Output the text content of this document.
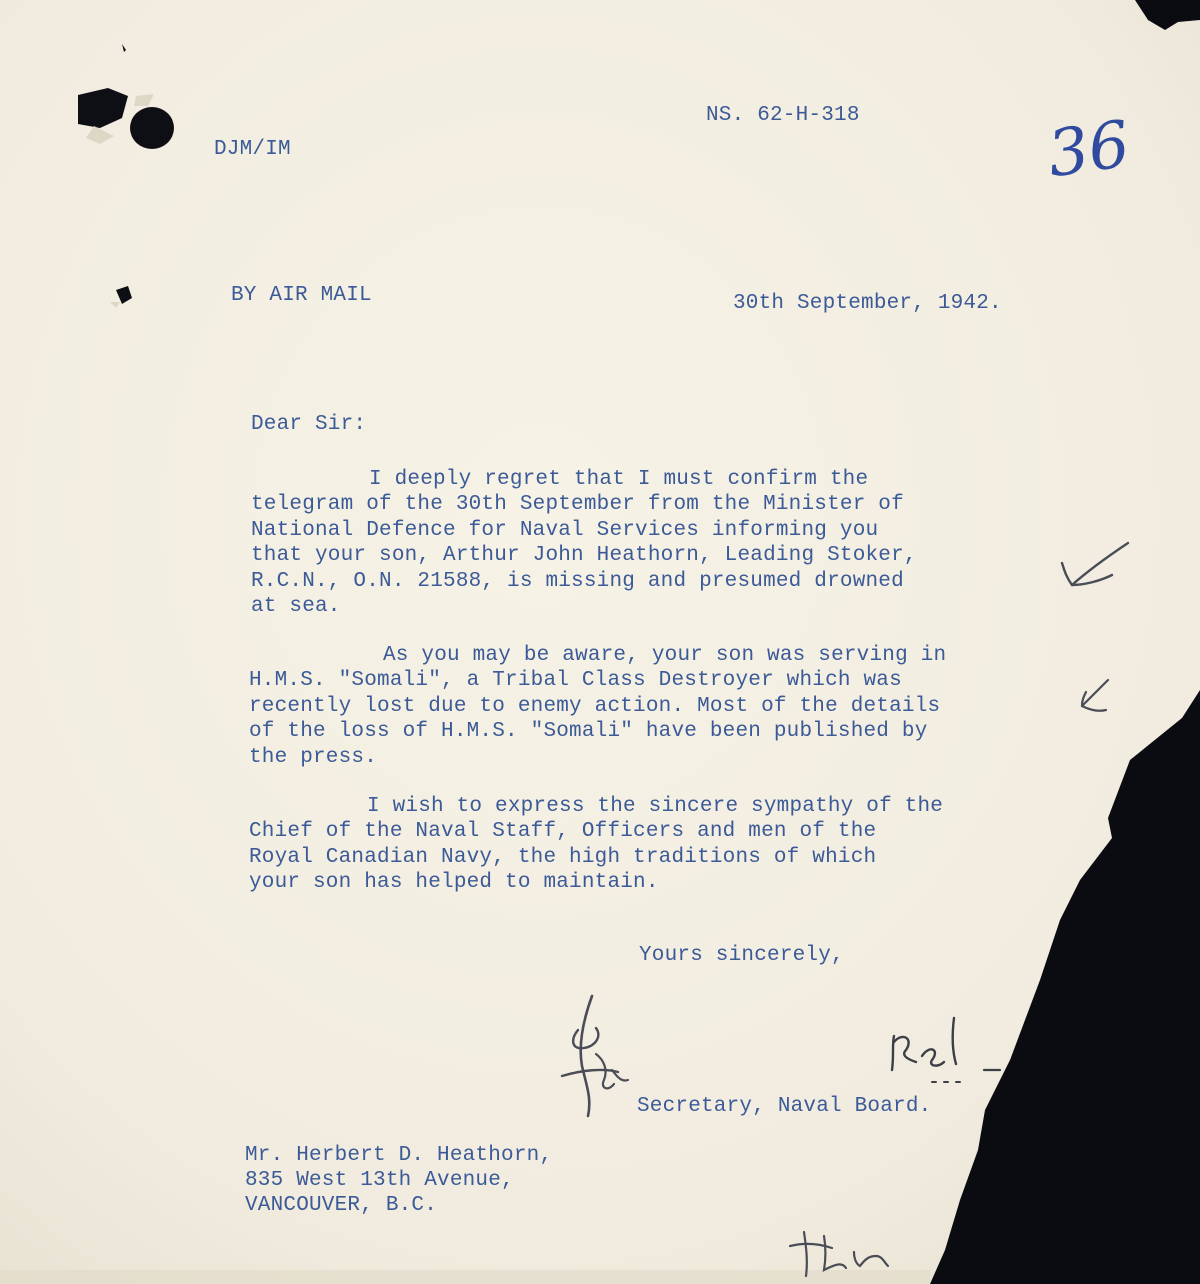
NS. 62-H-318
DJM/IM	36
BY AIR MAIL	30th September, 1942.
Dear Sir:
I deeply regret that I must confirm the
telegram of the 30th September from the Minister of
National Defence for Naval Services informing you
that your son, Arthur John Heathorn, Leading Stoker,
R.C.N., O.N. 21588, is missing and presumed drowned
at sea.
As you may be aware, your son was serving in
H.M.S. "Somali", a Tribal Class Destroyer which was
recently lost due to enemy action. Most of the details
of the loss of H.M.S. "Somali" have been published by
the press.
I wish to express the sincere sympathy of the
Chief of the Naval Staff, Officers and men of the
Royal Canadian Navy, the high traditions of which
your son has helped to maintain.
Yours sincerely,
Secretary, Naval Board.
Mr. Herbert D. Heathorn,
835 West 13th Avenue,
VANCOUVER, B.C.
